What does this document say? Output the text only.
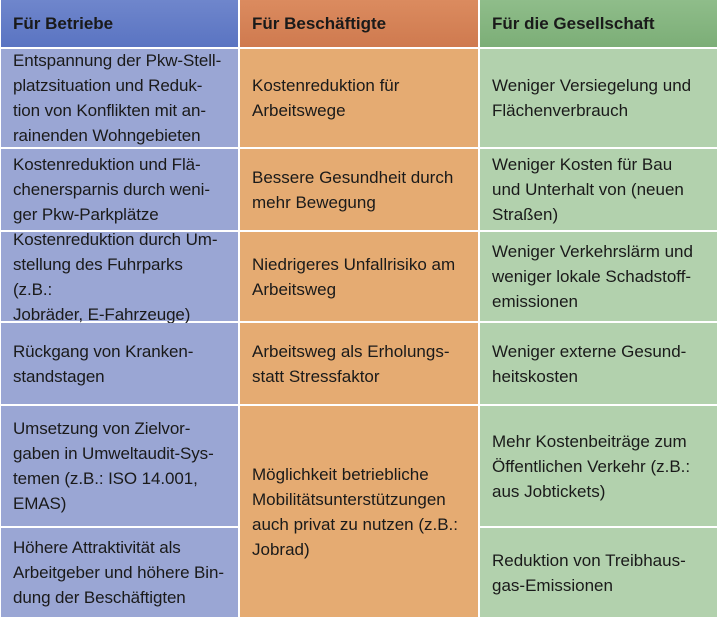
Für Betriebe	Für Beschäftigte	Für die Gesellschaft
Entspannung der Pkw-Stell-
platzsituation und Reduk-
tion von Konflikten mit an-
rainenden Wohngebieten
Kostenreduktion und Flä-
chenersparnis durch weni-
ger Pkw-Parkplätze
Kostenreduktion durch Um-
stellung des Fuhrparks (z.B.:
Jobräder, E-Fahrzeuge)
Rückgang von Kranken-
standstagen
Umsetzung von Zielvor-
gaben in Umweltaudit-Sys-
temen (z.B.: ISO 14.001,
EMAS)
Höhere Attraktivität als
Arbeitgeber und höhere Bin-
dung der Beschäftigten
Kostenreduktion für
Arbeitswege
Bessere Gesundheit durch
mehr Bewegung
Niedrigeres Unfallrisiko am
Arbeitsweg
Arbeitsweg als Erholungs-
statt Stressfaktor
Möglichkeit betriebliche
Mobilitätsunterstützungen
auch privat zu nutzen (z.B.:
Jobrad)
Weniger Versiegelung und
Flächenverbrauch
Weniger Kosten für Bau
und Unterhalt von (neuen
Straßen)
Weniger Verkehrslärm und
weniger lokale Schadstoff-
emissionen
Weniger externe Gesund-
heitskosten
Mehr Kostenbeiträge zum
Öffentlichen Verkehr (z.B.:
aus Jobtickets)
Reduktion von Treibhaus-
gas-Emissionen
